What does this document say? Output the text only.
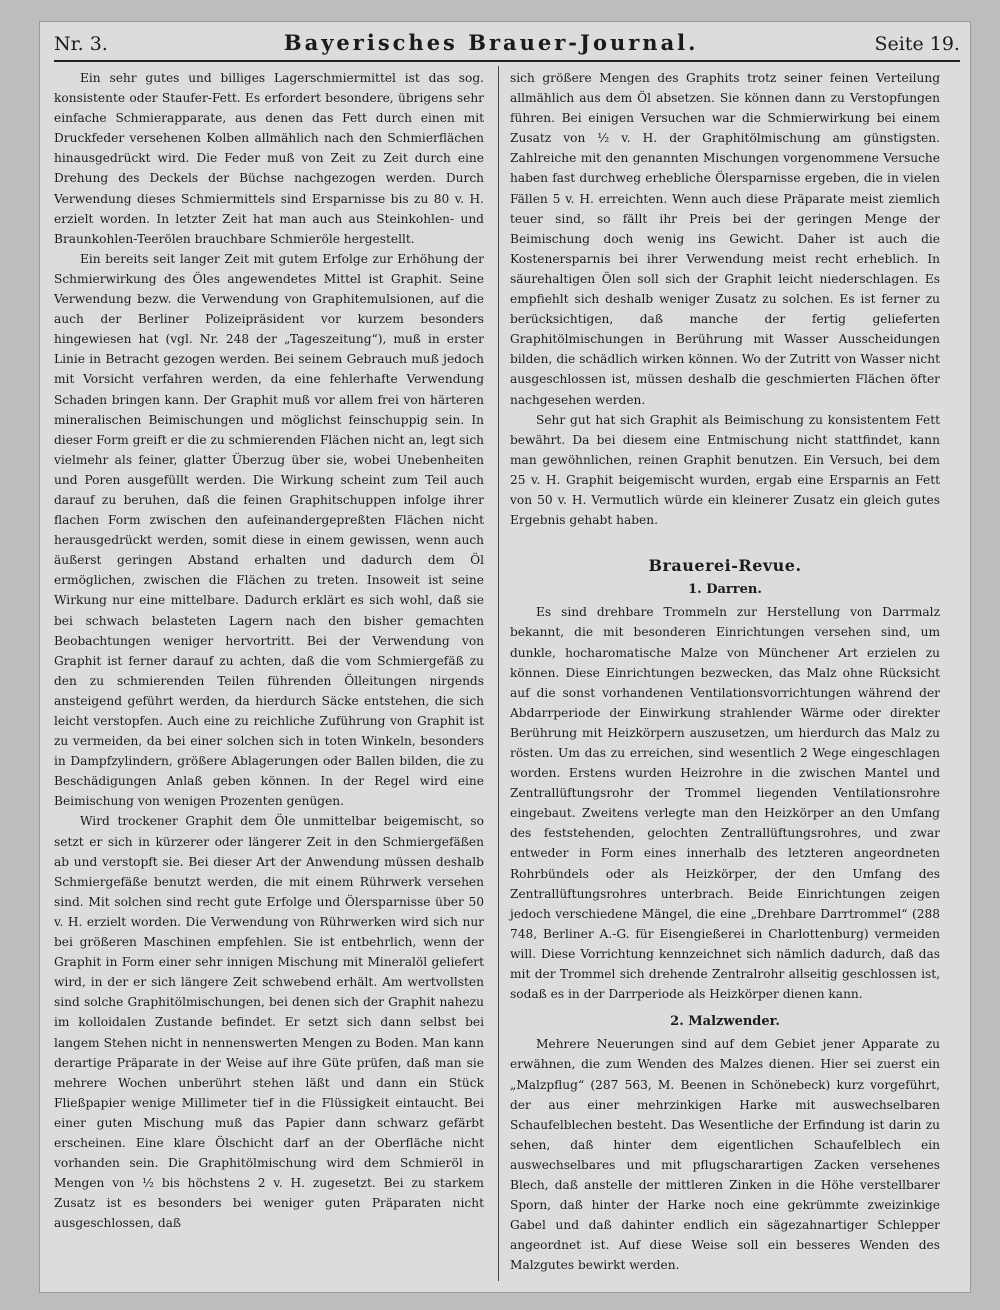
Nr. 3.	Bayerisches Brauer-Journal.	Seite 19.

Ein sehr gutes und billiges Lagerschmiermittel ist das sog. konsistente oder Staufer-Fett. Es erfordert besondere, übrigens sehr einfache Schmierapparate, aus denen das Fett durch einen mit Druckfeder versehenen Kolben allmählich nach den Schmierflächen hinausgedrückt wird. Die Feder muß von Zeit zu Zeit durch eine Drehung des Deckels der Büchse nachgezogen werden. Durch Verwendung dieses Schmiermittels sind Ersparnisse bis zu 80 v. H. erzielt worden. In letzter Zeit hat man auch aus Steinkohlen- und Braunkohlen-Teerölen brauchbare Schmieröle hergestellt.

Ein bereits seit langer Zeit mit gutem Erfolge zur Erhöhung der Schmierwirkung des Öles angewendetes Mittel ist Graphit. Seine Verwendung bezw. die Verwendung von Graphitemulsionen, auf die auch der Berliner Polizeipräsident vor kurzem besonders hingewiesen hat (vgl. Nr. 248 der „Tageszeitung“), muß in erster Linie in Betracht gezogen werden. Bei seinem Gebrauch muß jedoch mit Vorsicht verfahren werden, da eine fehlerhafte Verwendung Schaden bringen kann. Der Graphit muß vor allem frei von härteren mineralischen Beimischungen und möglichst feinschuppig sein. In dieser Form greift er die zu schmierenden Flächen nicht an, legt sich vielmehr als feiner, glatter Überzug über sie, wobei Unebenheiten und Poren ausgefüllt werden. Die Wirkung scheint zum Teil auch darauf zu beruhen, daß die feinen Graphitschuppen infolge ihrer flachen Form zwischen den aufeinandergepreßten Flächen nicht herausgedrückt werden, somit diese in einem gewissen, wenn auch äußerst geringen Abstand erhalten und dadurch dem Öl ermöglichen, zwischen die Flächen zu treten. Insoweit ist seine Wirkung nur eine mittelbare. Dadurch erklärt es sich wohl, daß sie bei schwach belasteten Lagern nach den bisher gemachten Beobachtungen weniger hervortritt. Bei der Verwendung von Graphit ist ferner darauf zu achten, daß die vom Schmiergefäß zu den zu schmierenden Teilen führenden Ölleitungen nirgends ansteigend geführt werden, da hierdurch Säcke entstehen, die sich leicht verstopfen. Auch eine zu reichliche Zuführung von Graphit ist zu vermeiden, da bei einer solchen sich in toten Winkeln, besonders in Dampfzylindern, größere Ablagerungen oder Ballen bilden, die zu Beschädigungen Anlaß geben können. In der Regel wird eine Beimischung von wenigen Prozenten genügen.

Wird trockener Graphit dem Öle unmittelbar beigemischt, so setzt er sich in kürzerer oder längerer Zeit in den Schmiergefäßen ab und verstopft sie. Bei dieser Art der Anwendung müssen deshalb Schmiergefäße benutzt werden, die mit einem Rührwerk versehen sind. Mit solchen sind recht gute Erfolge und Ölersparnisse über 50 v. H. erzielt worden. Die Verwendung von Rührwerken wird sich nur bei größeren Maschinen empfehlen. Sie ist entbehrlich, wenn der Graphit in Form einer sehr innigen Mischung mit Mineralöl geliefert wird, in der er sich längere Zeit schwebend erhält. Am wertvollsten sind solche Graphitölmischungen, bei denen sich der Graphit nahezu im kolloidalen Zustande befindet. Er setzt sich dann selbst bei langem Stehen nicht in nennenswerten Mengen zu Boden. Man kann derartige Präparate in der Weise auf ihre Güte prüfen, daß man sie mehrere Wochen unberührt stehen läßt und dann ein Stück Fließpapier wenige Millimeter tief in die Flüssigkeit eintaucht. Bei einer guten Mischung muß das Papier dann schwarz gefärbt erscheinen. Eine klare Ölschicht darf an der Oberfläche nicht vorhanden sein. Die Graphitölmischung wird dem Schmieröl in Mengen von ½ bis höchstens 2 v. H. zugesetzt. Bei zu starkem Zusatz ist es besonders bei weniger guten Präparaten nicht ausgeschlossen, daß

sich größere Mengen des Graphits trotz seiner feinen Verteilung allmählich aus dem Öl absetzen. Sie können dann zu Verstopfungen führen. Bei einigen Versuchen war die Schmierwirkung bei einem Zusatz von ½ v. H. der Graphitölmischung am günstigsten. Zahlreiche mit den genannten Mischungen vorgenommene Versuche haben fast durchweg erhebliche Ölersparnisse ergeben, die in vielen Fällen 5 v. H. erreichten. Wenn auch diese Präparate meist ziemlich teuer sind, so fällt ihr Preis bei der geringen Menge der Beimischung doch wenig ins Gewicht. Daher ist auch die Kostenersparnis bei ihrer Verwendung meist recht erheblich. In säurehaltigen Ölen soll sich der Graphit leicht niederschlagen. Es empfiehlt sich deshalb weniger Zusatz zu solchen. Es ist ferner zu berücksichtigen, daß manche der fertig gelieferten Graphitölmischungen in Berührung mit Wasser Ausscheidungen bilden, die schädlich wirken können. Wo der Zutritt von Wasser nicht ausgeschlossen ist, müssen deshalb die geschmierten Flächen öfter nachgesehen werden.

Sehr gut hat sich Graphit als Beimischung zu konsistentem Fett bewährt. Da bei diesem eine Entmischung nicht stattfindet, kann man gewöhnlichen, reinen Graphit benutzen. Ein Versuch, bei dem 25 v. H. Graphit beigemischt wurden, ergab eine Ersparnis an Fett von 50 v. H. Vermutlich würde ein kleinerer Zusatz ein gleich gutes Ergebnis gehabt haben.

Brauerei-Revue.
1. Darren.

Es sind drehbare Trommeln zur Herstellung von Darrmalz bekannt, die mit besonderen Einrichtungen versehen sind, um dunkle, hocharomatische Malze von Münchener Art erzielen zu können. Diese Einrichtungen bezwecken, das Malz ohne Rücksicht auf die sonst vorhandenen Ventilationsvorrichtungen während der Abdarrperiode der Einwirkung strahlender Wärme oder direkter Berührung mit Heizkörpern auszusetzen, um hierdurch das Malz zu rösten. Um das zu erreichen, sind wesentlich 2 Wege eingeschlagen worden. Erstens wurden Heizrohre in die zwischen Mantel und Zentrallüftungsrohr der Trommel liegenden Ventilationsrohre eingebaut. Zweitens verlegte man den Heizkörper an den Umfang des feststehenden, gelochten Zentrallüftungsrohres, und zwar entweder in Form eines innerhalb des letzteren angeordneten Rohrbündels oder als Heizkörper, der den Umfang des Zentrallüftungsrohres unterbrach. Beide Einrichtungen zeigen jedoch verschiedene Mängel, die eine „Drehbare Darrtrommel“ (288 748, Berliner A.-G. für Eisengießerei in Charlottenburg) vermeiden will. Diese Vorrichtung kennzeichnet sich nämlich dadurch, daß das mit der Trommel sich drehende Zentralrohr allseitig geschlossen ist, sodaß es in der Darrperiode als Heizkörper dienen kann.

2. Malzwender.

Mehrere Neuerungen sind auf dem Gebiet jener Apparate zu erwähnen, die zum Wenden des Malzes dienen. Hier sei zuerst ein „Malzpflug“ (287 563, M. Beenen in Schönebeck) kurz vorgeführt, der aus einer mehrzinkigen Harke mit auswechselbaren Schaufelblechen besteht. Das Wesentliche der Erfindung ist darin zu sehen, daß hinter dem eigentlichen Schaufelblech ein auswechselbares und mit pflugscharartigen Zacken versehenes Blech, daß anstelle der mittleren Zinken in die Höhe verstellbarer Sporn, daß hinter der Harke noch eine gekrümmte zweizinkige Gabel und daß dahinter endlich ein sägezahnartiger Schlepper angeordnet ist. Auf diese Weise soll ein besseres Wenden des Malzgutes bewirkt werden.
